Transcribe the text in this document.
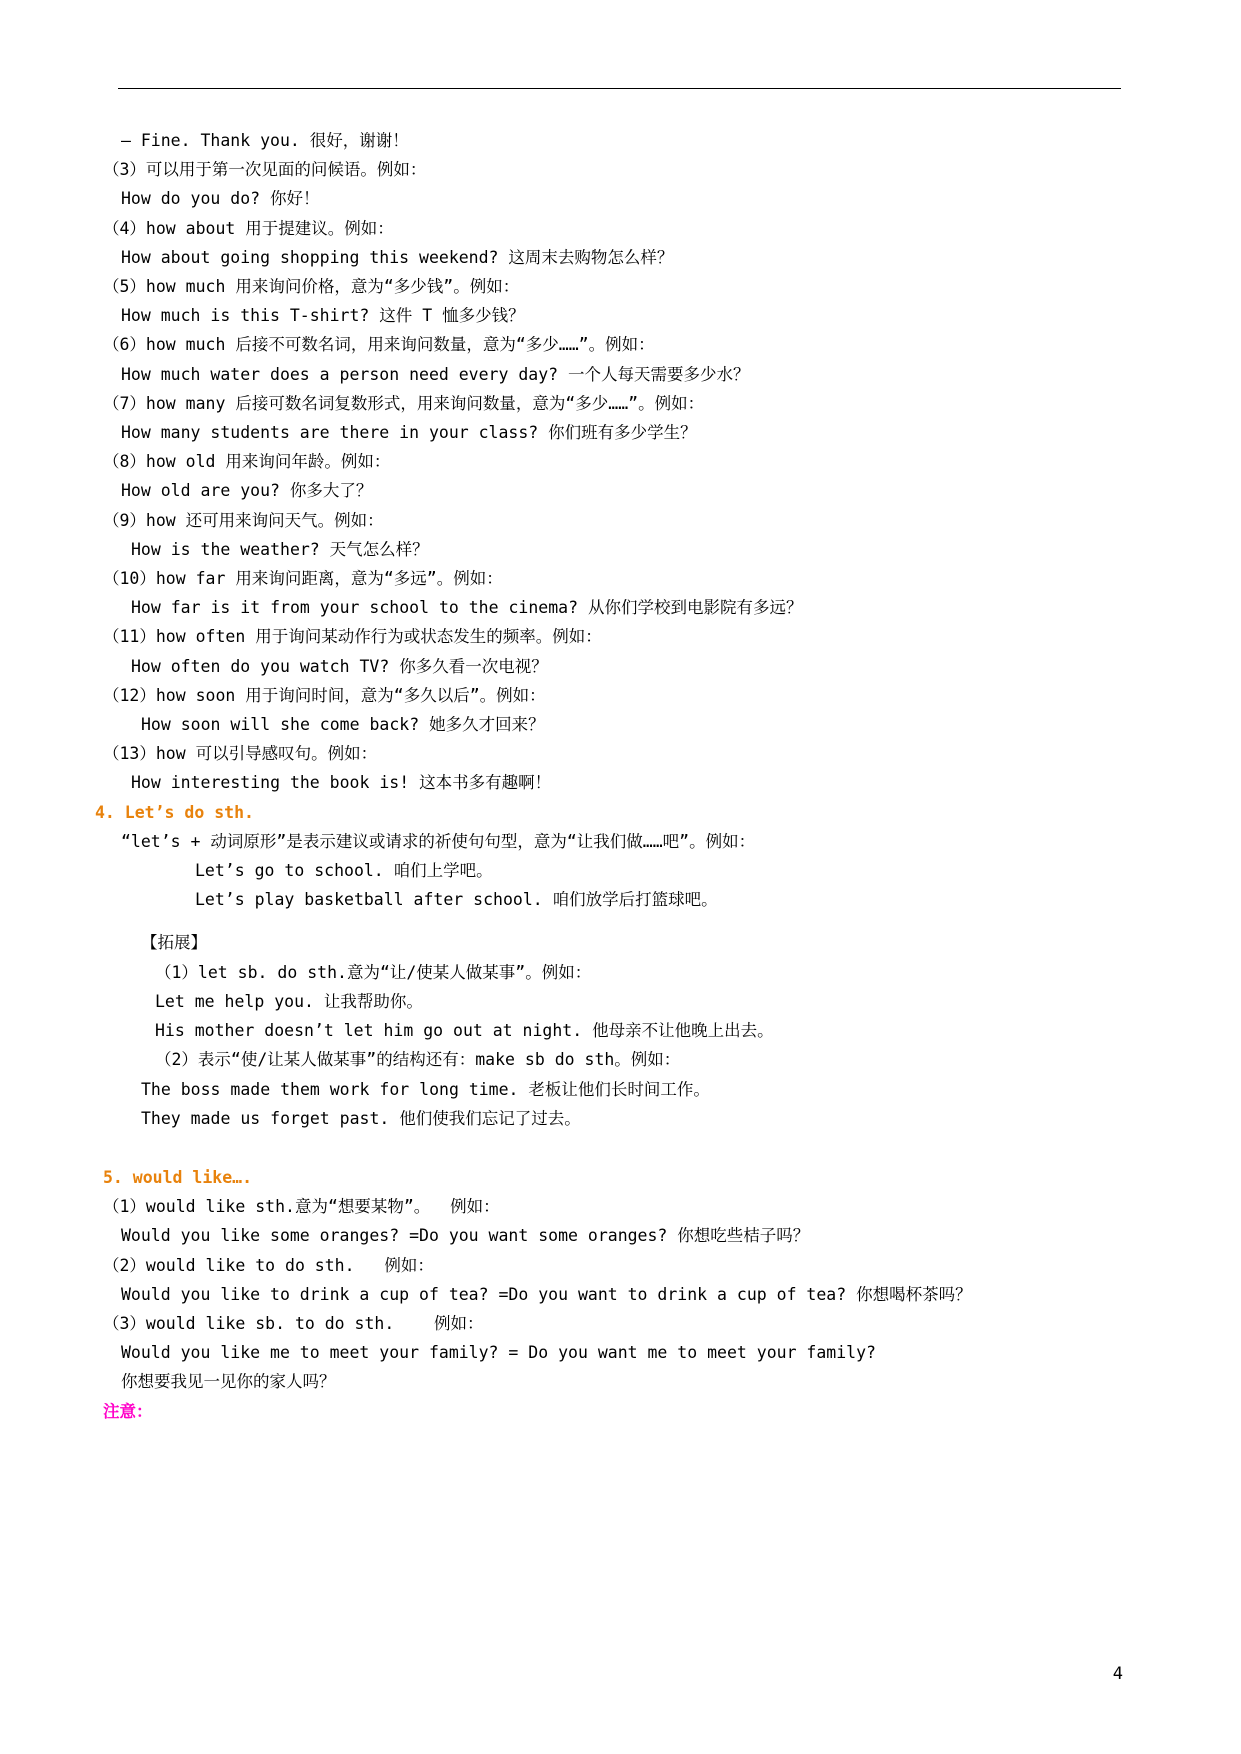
— Fine. Thank you. 很好，谢谢！
（3）可以用于第一次见面的问候语。例如：
How do you do? 你好！
（4）how about 用于提建议。例如：
How about going shopping this weekend? 这周末去购物怎么样？
（5）how much 用来询问价格，意为“多少钱”。例如：
How much is this T-shirt? 这件 T 恤多少钱？
（6）how much 后接不可数名词，用来询问数量，意为“多少……”。例如：
How much water does a person need every day? 一个人每天需要多少水？
（7）how many 后接可数名词复数形式，用来询问数量，意为“多少……”。例如：
How many students are there in your class? 你们班有多少学生？
（8）how old 用来询问年龄。例如：
How old are you? 你多大了？
（9）how 还可用来询问天气。例如：
How is the weather? 天气怎么样？
（10）how far 用来询问距离，意为“多远”。例如：
How far is it from your school to the cinema? 从你们学校到电影院有多远？
（11）how often 用于询问某动作行为或状态发生的频率。例如：
How often do you watch TV? 你多久看一次电视？
（12）how soon 用于询问时间，意为“多久以后”。例如：
How soon will she come back? 她多久才回来？
（13）how 可以引导感叹句。例如：
How interesting the book is! 这本书多有趣啊！
4. Let’s do sth.
“let’s + 动词原形”是表示建议或请求的祈使句句型，意为“让我们做……吧”。例如：
Let’s go to school. 咱们上学吧。
Let’s play basketball after school. 咱们放学后打篮球吧。
【拓展】
（1）let sb. do sth.意为“让/使某人做某事”。例如：
Let me help you. 让我帮助你。
His mother doesn’t let him go out at night. 他母亲不让他晚上出去。
（2）表示“使/让某人做某事”的结构还有：make sb do sth。例如：
The boss made them work for long time. 老板让他们长时间工作。
They made us forget past. 他们使我们忘记了过去。
5. would like….
（1）would like sth.意为“想要某物”。  例如：
Would you like some oranges? =Do you want some oranges? 你想吃些桔子吗？
（2）would like to do sth.   例如：
Would you like to drink a cup of tea? =Do you want to drink a cup of tea? 你想喝杯茶吗？
（3）would like sb. to do sth.    例如：
Would you like me to meet your family? = Do you want me to meet your family?
你想要我见一见你的家人吗？
注意：
4
